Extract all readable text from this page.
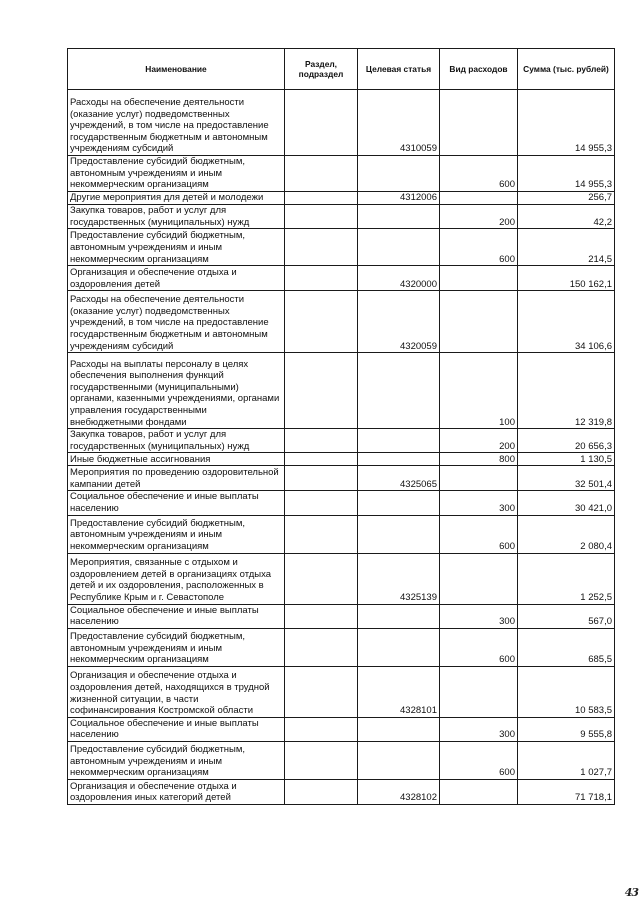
Наименование	Раздел, подраздел	Целевая статья	Вид расходов	Сумма (тыс. рублей)
Расходы на обеспечение деятельности (оказание услуг) подведомственных учреждений, в том числе на предоставление государственным бюджетным и автономным учреждениям субсидий		4310059		14 955,3
Предоставление субсидий бюджетным, автономным учреждениям и иным некоммерческим организациям			600	14 955,3
Другие мероприятия для детей и молодежи		4312006		256,7
Закупка товаров, работ и услуг для государственных (муниципальных) нужд			200	42,2
Предоставление субсидий бюджетным, автономным учреждениям и иным некоммерческим организациям			600	214,5
Организация и обеспечение отдыха и оздоровления детей		4320000		150 162,1
Расходы на обеспечение деятельности (оказание услуг) подведомственных учреждений, в том числе на предоставление государственным бюджетным и автономным учреждениям субсидий		4320059		34 106,6
Расходы на выплаты персоналу в целях обеспечения выполнения функций государственными (муниципальными) органами, казенными учреждениями, органами управления государственными внебюджетными фондами			100	12 319,8
Закупка товаров, работ и услуг для государственных (муниципальных) нужд			200	20 656,3
Иные бюджетные ассигнования			800	1 130,5
Мероприятия по проведению оздоровительной кампании детей		4325065		32 501,4
Социальное обеспечение и иные выплаты населению			300	30 421,0
Предоставление субсидий бюджетным, автономным учреждениям и иным некоммерческим организациям			600	2 080,4
Мероприятия, связанные с отдыхом и оздоровлением детей в организациях отдыха детей и их оздоровления, расположенных в Республике Крым и г. Севастополе		4325139		1 252,5
Социальное обеспечение и иные выплаты населению			300	567,0
Предоставление субсидий бюджетным, автономным учреждениям и иным некоммерческим организациям			600	685,5
Организация и обеспечение отдыха и оздоровления детей, находящихся в трудной жизненной ситуации, в части софинансирования Костромской области		4328101		10 583,5
Социальное обеспечение и иные выплаты населению			300	9 555,8
Предоставление субсидий бюджетным, автономным учреждениям и иным некоммерческим организациям			600	1 027,7
Организация и обеспечение отдыха и оздоровления иных категорий детей		4328102		71 718,1
43
